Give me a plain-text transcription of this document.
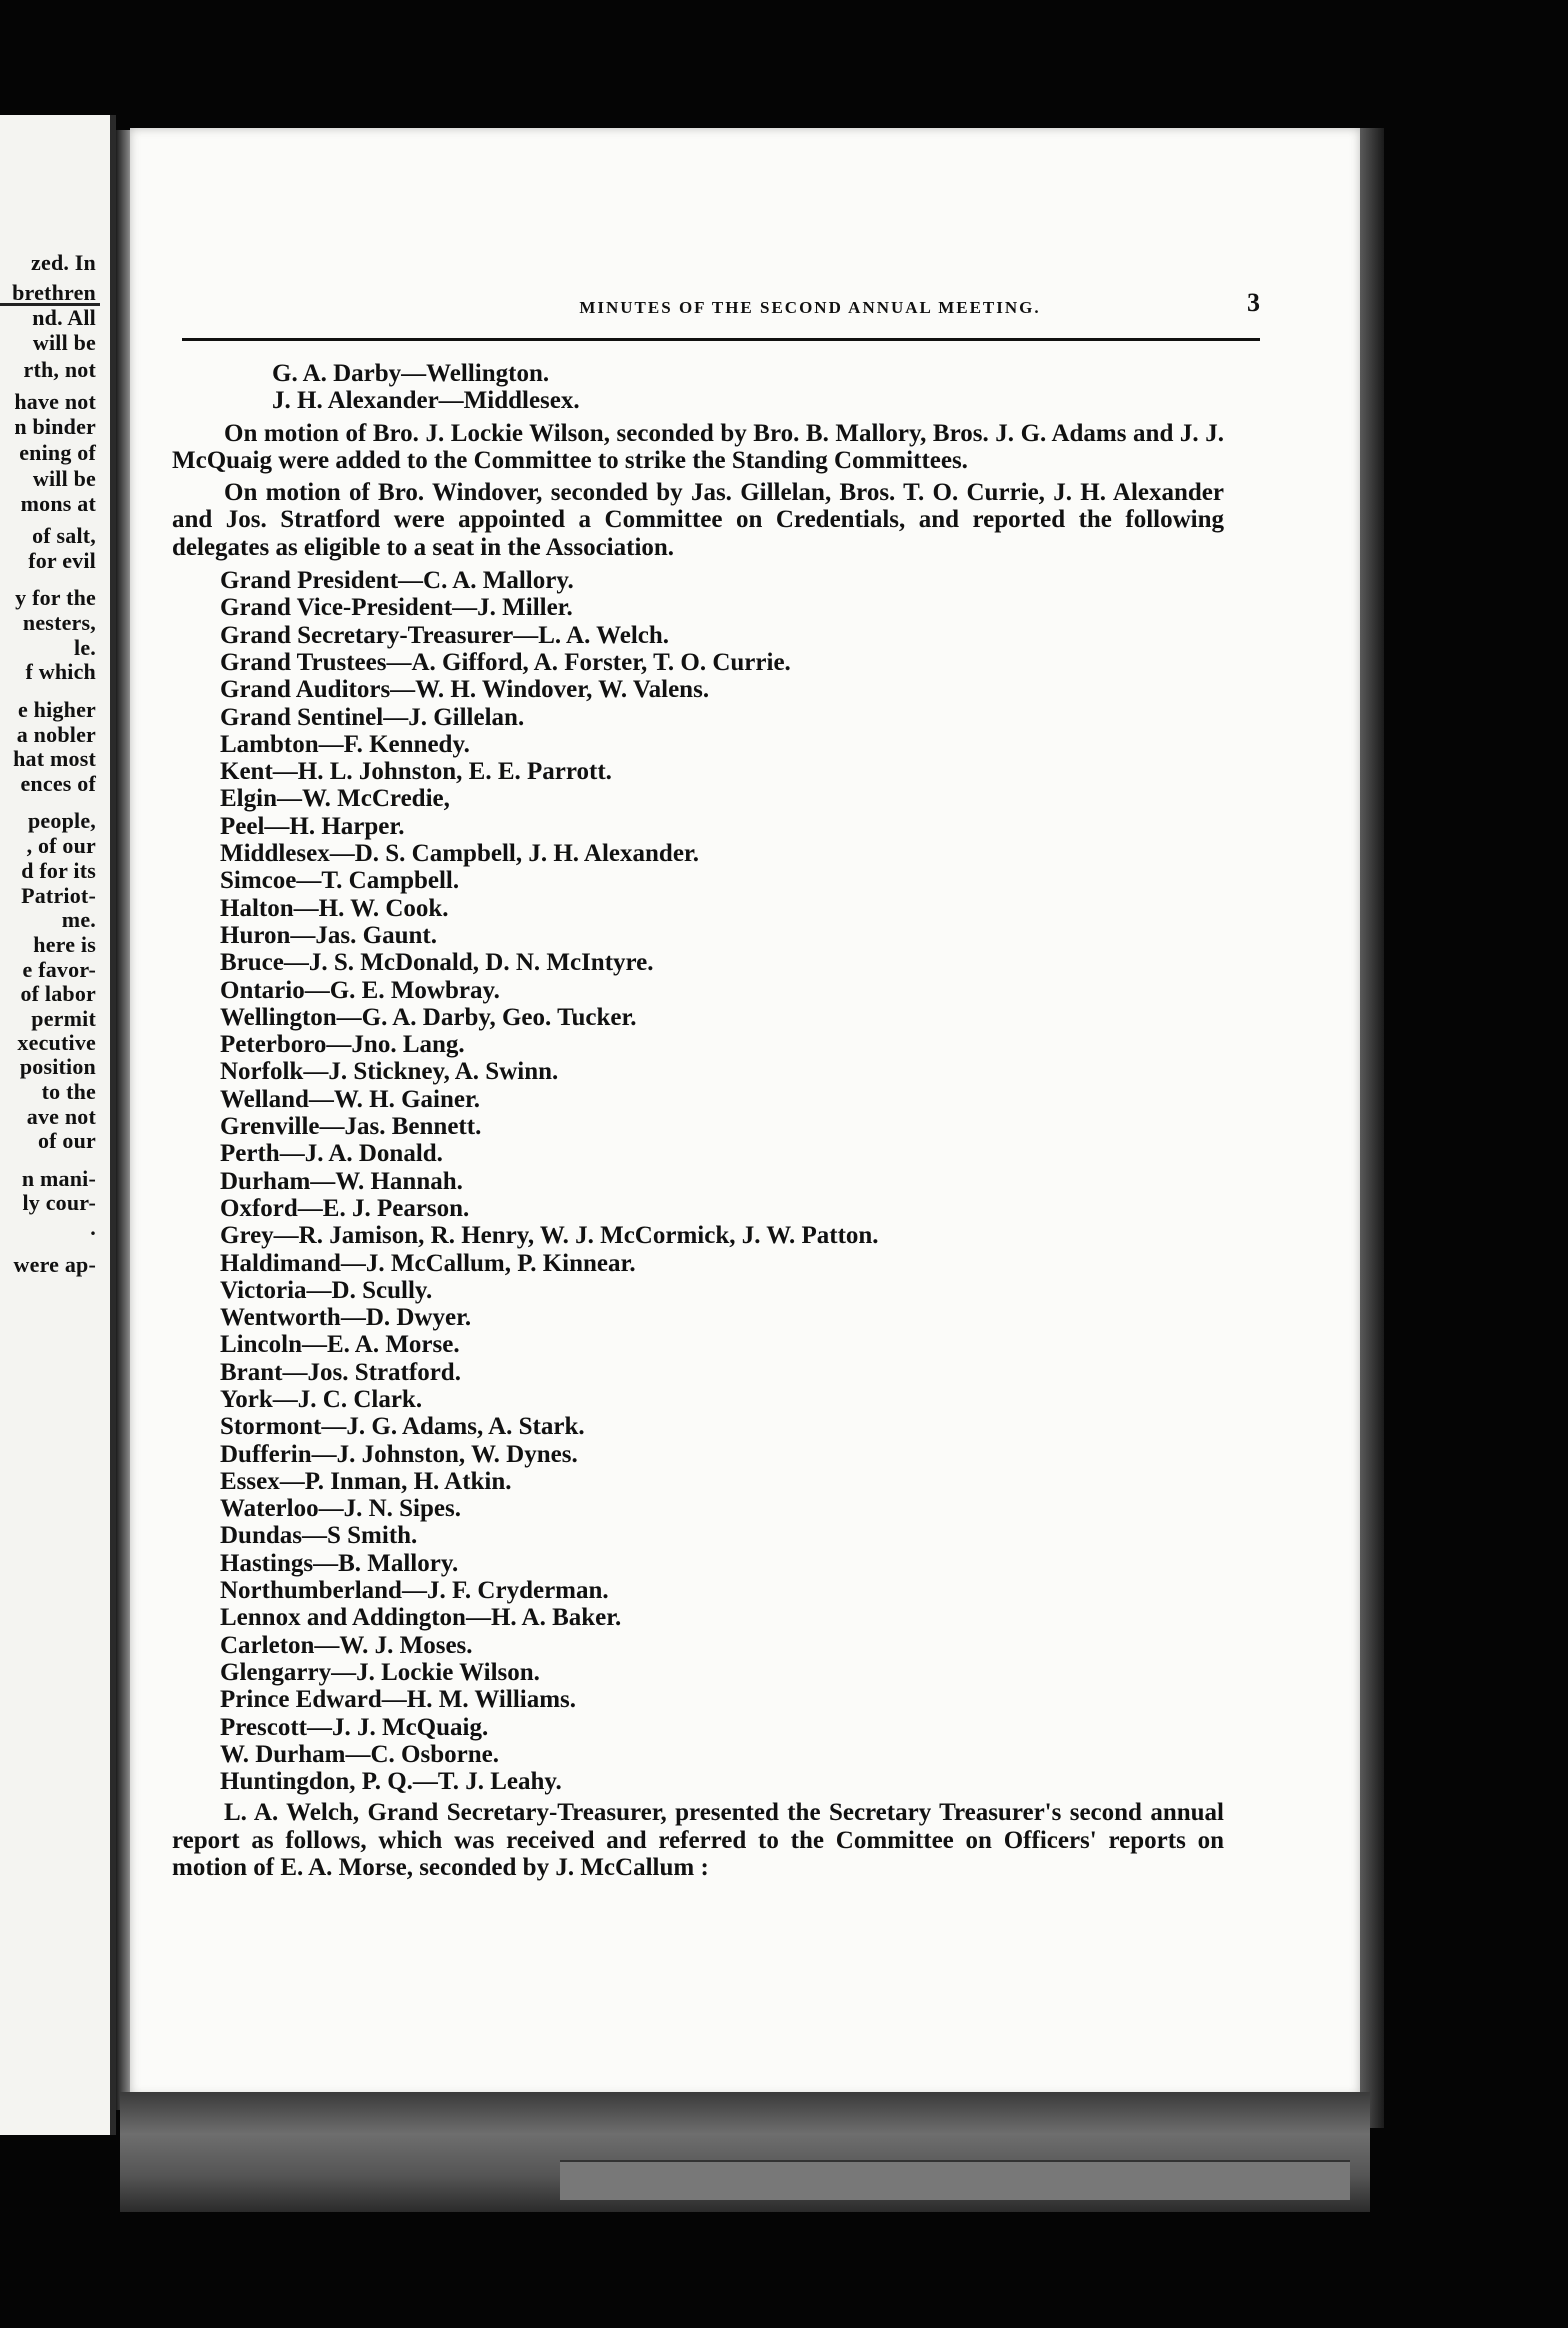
zed. In
brethren
nd. All
will be
rth, not
have not
n binder
ening of
will be
mons at
of salt,
for evil
y for the
nesters,
le.
f which
e higher
a nobler
hat most
ences of
people,
, of our
d for its
Patriot-
me.
here is
e favor-
of labor
permit
xecutive
position
to the
ave not
of our
n mani-
ly cour-
.
were ap-
MINUTES OF THE SECOND ANNUAL MEETING.	3
G. A. Darby—Wellington.
J. H. Alexander—Middlesex.
On motion of Bro. J. Lockie Wilson, seconded by Bro. B. Mallory, Bros. J. G. Adams and J. J. McQuaig were added to the Committee to strike the Standing Committees.
On motion of Bro. Windover, seconded by Jas. Gillelan, Bros. T. O. Currie, J. H. Alexander and Jos. Stratford were appointed a Committee on Credentials, and reported the following delegates as eligible to a seat in the Association.
Grand President—C. A. Mallory.
Grand Vice-President—J. Miller.
Grand Secretary-Treasurer—L. A. Welch.
Grand Trustees—A. Gifford, A. Forster, T. O. Currie.
Grand Auditors—W. H. Windover, W. Valens.
Grand Sentinel—J. Gillelan.
Lambton—F. Kennedy.
Kent—H. L. Johnston, E. E. Parrott.
Elgin—W. McCredie,
Peel—H. Harper.
Middlesex—D. S. Campbell, J. H. Alexander.
Simcoe—T. Campbell.
Halton—H. W. Cook.
Huron—Jas. Gaunt.
Bruce—J. S. McDonald, D. N. McIntyre.
Ontario—G. E. Mowbray.
Wellington—G. A. Darby, Geo. Tucker.
Peterboro—Jno. Lang.
Norfolk—J. Stickney, A. Swinn.
Welland—W. H. Gainer.
Grenville—Jas. Bennett.
Perth—J. A. Donald.
Durham—W. Hannah.
Oxford—E. J. Pearson.
Grey—R. Jamison, R. Henry, W. J. McCormick, J. W. Patton.
Haldimand—J. McCallum, P. Kinnear.
Victoria—D. Scully.
Wentworth—D. Dwyer.
Lincoln—E. A. Morse.
Brant—Jos. Stratford.
York—J. C. Clark.
Stormont—J. G. Adams, A. Stark.
Dufferin—J. Johnston, W. Dynes.
Essex—P. Inman, H. Atkin.
Waterloo—J. N. Sipes.
Dundas—S Smith.
Hastings—B. Mallory.
Northumberland—J. F. Cryderman.
Lennox and Addington—H. A. Baker.
Carleton—W. J. Moses.
Glengarry—J. Lockie Wilson.
Prince Edward—H. M. Williams.
Prescott—J. J. McQuaig.
W. Durham—C. Osborne.
Huntingdon, P. Q.—T. J. Leahy.
L. A. Welch, Grand Secretary-Treasurer, presented the Secretary Treasurer's second annual report as follows, which was received and referred to the Committee on Officers' reports on motion of E. A. Morse, seconded by J. McCallum :
